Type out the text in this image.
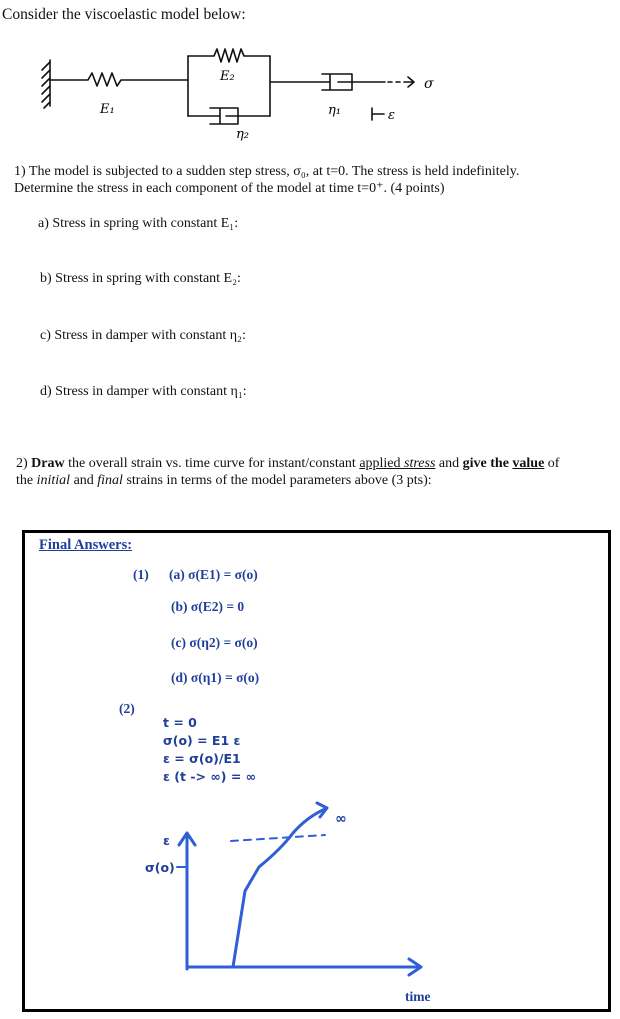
Consider the viscoelastic model below:
E₁
E₂
η₂
η₁
σ
ε
1) The model is subjected to a sudden step stress, σ₀, at t=0. The stress is held indefinitely.
Determine the stress in each component of the model at time t=0⁺. (4 points)
a) Stress in spring with constant E₁:
b) Stress in spring with constant E₂:
c) Stress in damper with constant η₂:
d) Stress in damper with constant η₁:
2) Draw the overall strain vs. time curve for instant/constant applied stress and give the value of
the initial and final strains in terms of the model parameters above (3 pts):
Final Answers:
(1) (a) σ(E1) = σ(o)
(b) σ(E2) = 0
(c) σ(η2) = σ(o)
(d) σ(η1) = σ(o)
(2)
t = 0
σ(o) = E1 ε
ε = σ(o)/E1
ε (t -> ∞) = ∞
ε
σ(o)
time
∞
